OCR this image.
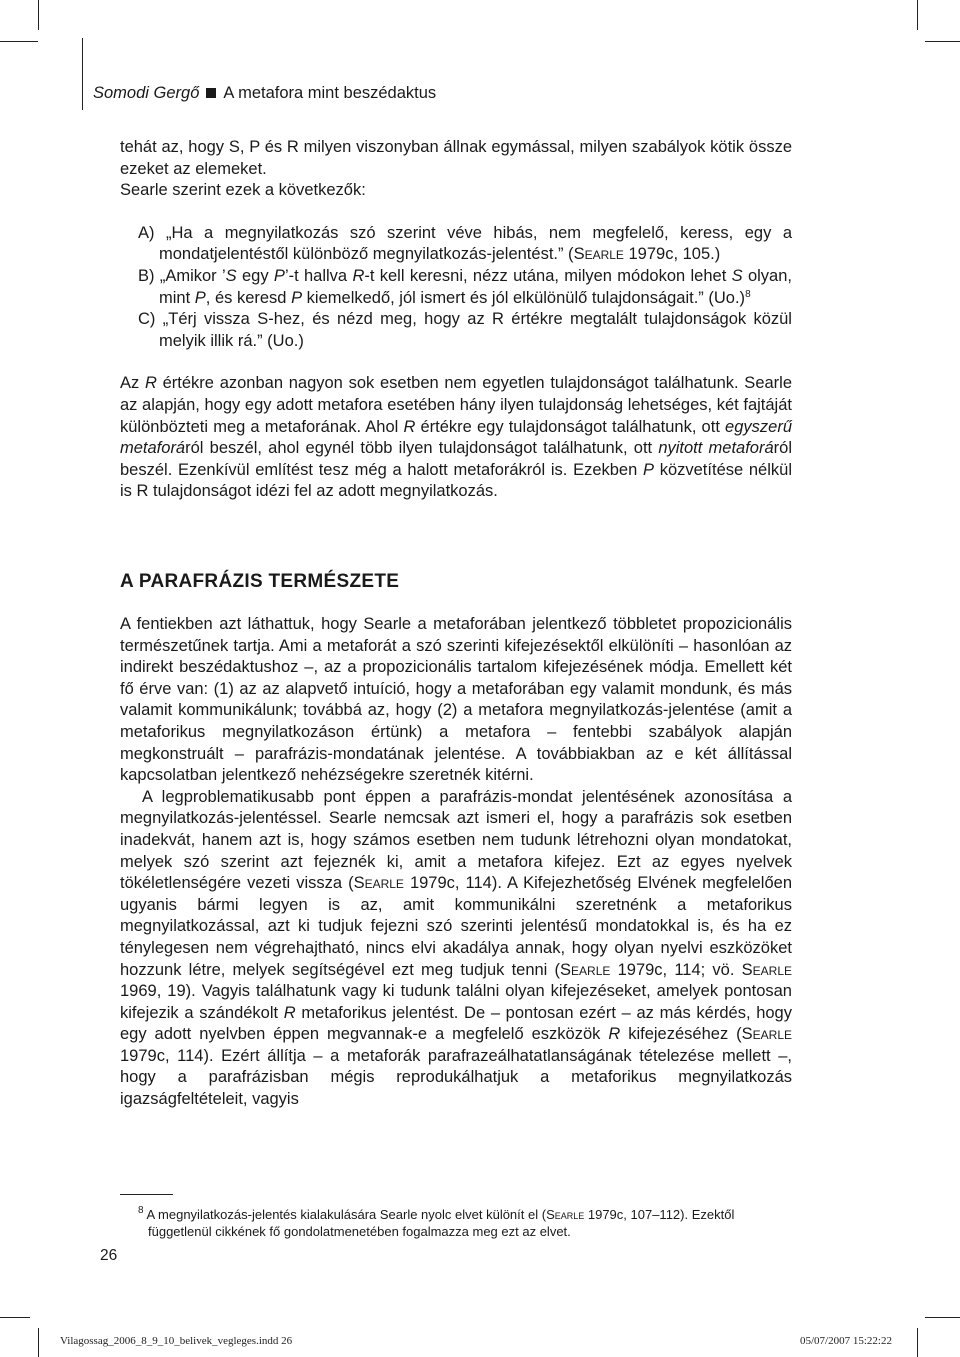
Somodi Gergő A metafora mint beszédaktus

tehát az, hogy S, P és R milyen viszonyban állnak egymással, milyen szabályok kötik össze ezeket az elemeket.

Searle szerint ezek a következők:

A) „Ha a megnyilatkozás szó szerint véve hibás, nem megfelelő, keress, egy a mondatjelentéstől különböző megnyilatkozás-jelentést.” (Searle 1979c, 105.)

B) „Amikor ’S egy P’-t hallva R-t kell keresni, nézz utána, milyen módokon lehet S olyan, mint P, és keresd P kiemelkedő, jól ismert és jól elkülönülő tulajdonságait.” $(Uo.)^8$

C) „Térj vissza S-hez, és nézd meg, hogy az R értékre megtalált tulajdonságok közül melyik illik rá.” (Uo.)

Az R értékre azonban nagyon sok esetben nem egyetlen tulajdonságot találhatunk. Searle az alapján, hogy egy adott metafora esetében hány ilyen tulajdonság lehetséges, két fajtáját különbözteti meg a metaforának. Ahol R értékre egy tulajdonságot találhatunk, ott egyszerű metaforáról beszél, ahol egynél több ilyen tulajdonságot találhatunk, ott nyitott metaforáról beszél. Ezenkívül említést tesz még a halott metaforákról is. Ezekben P közvetítése nélkül is R tulajdonságot idézi fel az adott megnyilatkozás.

A PARAFRÁZIS TERMÉSZETE

A fentiekben azt láthattuk, hogy Searle a metaforában jelentkező többletet propozicionális természetűnek tartja. Ami a metaforát a szó szerinti kifejezésektől elkülöníti – hasonlóan az indirekt beszédaktushoz –, az a propozicionális tartalom kifejezésének módja. Emellett két fő érve van: (1) az az alapvető intuíció, hogy a metaforában egy valamit mondunk, és más valamit kommunikálunk; továbbá az, hogy (2) a metafora megnyilatkozás-jelentése (amit a metaforikus megnyilatkozáson értünk) a metafora – fentebbi szabályok alapján megkonstruált – parafrázis-mondatának jelentése. A továbbiakban az e két állítással kapcsolatban jelentkező nehézségekre szeretnék kitérni.

A legproblematikusabb pont éppen a parafrázis-mondat jelentésének azonosítása a megnyilatkozás-jelentéssel. Searle nemcsak azt ismeri el, hogy a parafrázis sok esetben inadekvát, hanem azt is, hogy számos esetben nem tudunk létrehozni olyan mondatokat, melyek szó szerint azt fejeznék ki, amit a metafora kifejez. Ezt az egyes nyelvek tökéletlenségére vezeti vissza (Searle 1979c, 114). A Kifejezhetőség Elvének megfelelően ugyanis bármi legyen is az, amit kommunikálni szeretnénk a metaforikus megnyilatkozással, azt ki tudjuk fejezni szó szerinti jelentésű mondatokkal is, és ha ez ténylegesen nem végrehajtható, nincs elvi akadálya annak, hogy olyan nyelvi eszközöket hozzunk létre, melyek segítségével ezt meg tudjuk tenni (Searle 1979c, 114; vö. Searle 1969, 19). Vagyis találhatunk vagy ki tudunk találni olyan kifejezéseket, amelyek pontosan kifejezik a szándékolt R metaforikus jelentést. De – pontosan ezért – az más kérdés, hogy egy adott nyelvben éppen megvannak-e a megfelelő eszközök R kifejezéséhez (Searle 1979c, 114). Ezért állítja – a metaforák parafrazeálhatatlanságának tételezése mellett –, hogy a parafrázisban mégis reprodukálhatjuk a metaforikus megnyilatkozás igazságfeltételeit, vagyis

$^8$ A megnyilatkozás-jelentés kialakulására Searle nyolc elvet különít el (Searle 1979c, 107–112). Ezektől függetlenül cikkének fő gondolatmenetében fogalmazza meg ezt az elvet.

26
Vilagossag_2006_8_9_10_belivek_vegleges.indd 26	05/07/2007 15:22:22
